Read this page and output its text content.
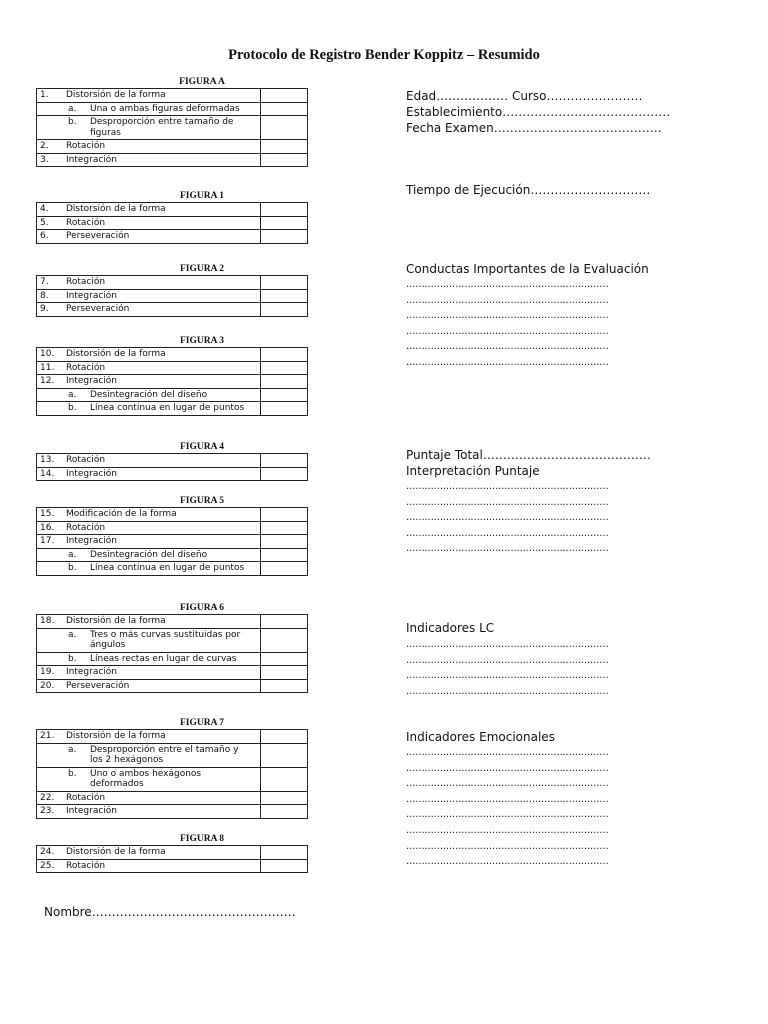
Protocolo de Registro Bender Koppitz – Resumido
FIGURA A
1.	Distorsión de la forma	
a. Una o ambas figuras deformadas		
b. Desproporción entre tamaño de figuras		
2.	Rotación	
3.	Integración	
FIGURA 1
4.	Distorsión de la forma	
5.	Rotación	
6.	Perseveración	
FIGURA 2
7.	Rotación	
8.	Integración	
9.	Perseveración	
FIGURA 3
10.	Distorsión de la forma	
11.	Rotación	
12.	Integración	
a. Desintegración del diseño		
b. Línea continua en lugar de puntos		
FIGURA 4
13.	Rotación	
14.	Integración	
FIGURA 5
15.	Modificación de la forma	
16.	Rotación	
17.	Integración	
a. Desintegración del diseño		
b. Línea continua en lugar de puntos		
FIGURA 6
18.	Distorsión de la forma	
a. Tres o más curvas sustituidas por ángulos		
b. Líneas rectas en lugar de curvas		
19.	Integración	
20.	Perseveración	
FIGURA 7
21.	Distorsión de la forma	
a. Desproporción entre el tamaño y los 2 hexágonos		
b. Uno o ambos hexágonos deformados		
22.	Rotación	
23.	Integración	
FIGURA 8
24.	Distorsión de la forma	
25.	Rotación	
Edad……………… Curso……………………
Establecimiento……………………………………
Fecha Examen……………………………………
Tiempo de Ejecución…………………………
Conductas Importantes de la Evaluación
…………………………………………………………
…………………………………………………………
…………………………………………………………
…………………………………………………………
…………………………………………………………
…………………………………………………………
Puntaje Total……………………………………
Interpretación Puntaje
…………………………………………………………
…………………………………………………………
…………………………………………………………
…………………………………………………………
…………………………………………………………
Indicadores LC
…………………………………………………………
…………………………………………………………
…………………………………………………………
…………………………………………………………
Indicadores Emocionales
…………………………………………………………
…………………………………………………………
…………………………………………………………
…………………………………………………………
…………………………………………………………
…………………………………………………………
…………………………………………………………
…………………………………………………………
Nombre……………………………………………
